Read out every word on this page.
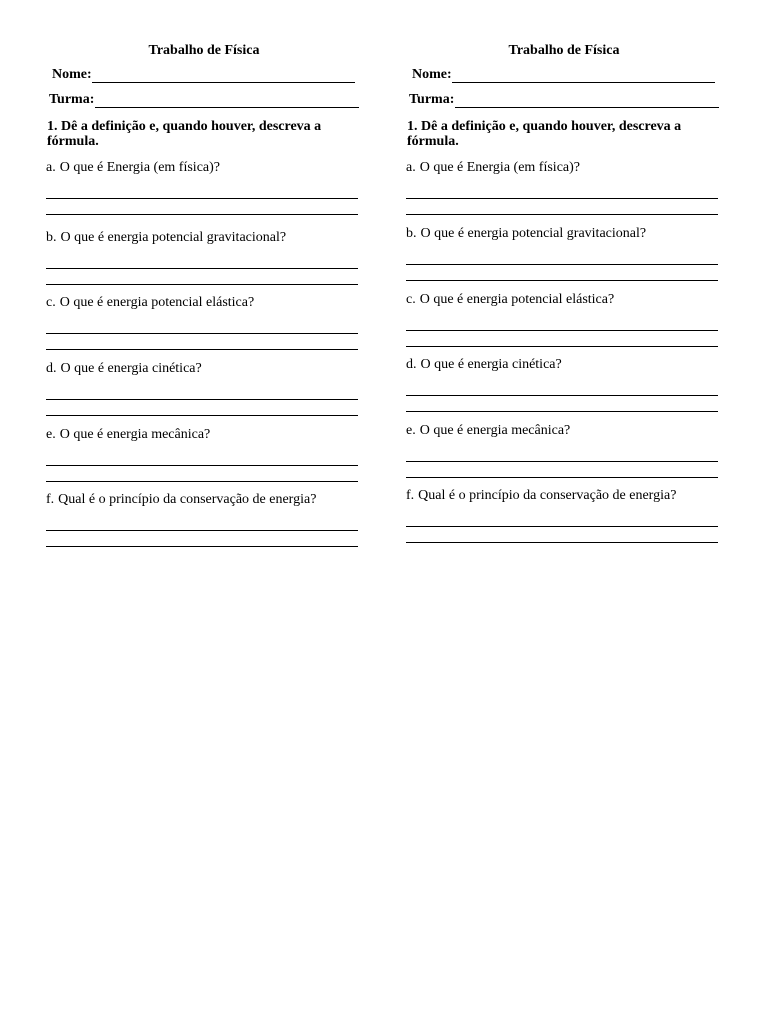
Trabalho de Física
Nome:
Turma:
1. Dê a definição e, quando houver, descreva a fórmula.
a. O que é Energia (em física)?
b. O que é energia potencial gravitacional?
c. O que é energia potencial elástica?
d. O que é energia cinética?
e. O que é energia mecânica?
f. Qual é o princípio da conservação de energia?
Trabalho de Física
Nome:
Turma:
1. Dê a definição e, quando houver, descreva a fórmula.
a. O que é Energia (em física)?
b. O que é energia potencial gravitacional?
c. O que é energia potencial elástica?
d. O que é energia cinética?
e. O que é energia mecânica?
f. Qual é o princípio da conservação de energia?
